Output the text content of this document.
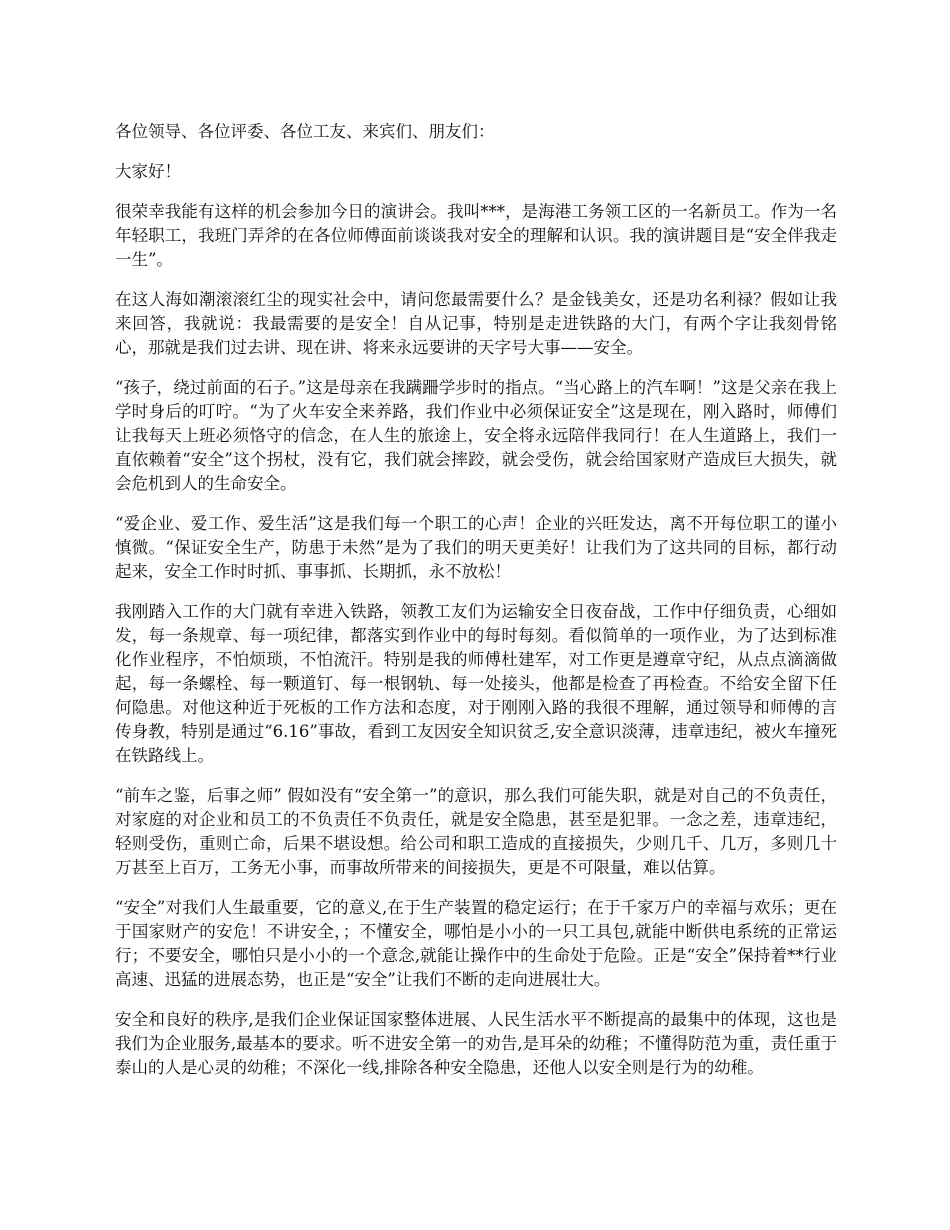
各位领导、各位评委、各位工友、来宾们、朋友们：

大家好！

很荣幸我能有这样的机会参加今日的演讲会。我叫***，是海港工务领工区的一名新员工。作为一名年轻职工，我班门弄斧的在各位师傅面前谈谈我对安全的理解和认识。我的演讲题目是“安全伴我走一生”。

在这人海如潮滚滚红尘的现实社会中，请问您最需要什么？是金钱美女，还是功名利禄？假如让我来回答，我就说：我最需要的是安全！自从记事，特别是走进铁路的大门，有两个字让我刻骨铭心，那就是我们过去讲、现在讲、将来永远要讲的天字号大事——安全。

“孩子，绕过前面的石子。”这是母亲在我蹒跚学步时的指点。“当心路上的汽车啊！”这是父亲在我上学时身后的叮咛。“为了火车安全来养路，我们作业中必须保证安全”这是现在，刚入路时，师傅们让我每天上班必须恪守的信念，在人生的旅途上，安全将永远陪伴我同行！在人生道路上，我们一直依赖着“安全”这个拐杖，没有它，我们就会摔跤，就会受伤，就会给国家财产造成巨大损失，就会危机到人的生命安全。

“爱企业、爱工作、爱生活”这是我们每一个职工的心声！企业的兴旺发达，离不开每位职工的谨小慎微。“保证安全生产，防患于未然”是为了我们的明天更美好！让我们为了这共同的目标，都行动起来，安全工作时时抓、事事抓、长期抓，永不放松！

我刚踏入工作的大门就有幸进入铁路，领教工友们为运输安全日夜奋战，工作中仔细负责，心细如发，每一条规章、每一项纪律，都落实到作业中的每时每刻。看似简单的一项作业，为了达到标准化作业程序，不怕烦琐，不怕流汗。特别是我的师傅杜建军，对工作更是遵章守纪，从点点滴滴做起，每一条螺栓、每一颗道钉、每一根钢轨、每一处接头，他都是检查了再检查。不给安全留下任何隐患。对他这种近于死板的工作方法和态度，对于刚刚入路的我很不理解，通过领导和师傅的言传身教，特别是通过“6.16”事故，看到工友因安全知识贫乏,安全意识淡薄，违章违纪，被火车撞死在铁路线上。

“前车之鉴，后事之师” 假如没有“安全第一”的意识，那么我们可能失职，就是对自己的不负责任，对家庭的对企业和员工的不负责任不负责任，就是安全隐患，甚至是犯罪。一念之差，违章违纪，轻则受伤，重则亡命，后果不堪设想。给公司和职工造成的直接损失，少则几千、几万，多则几十万甚至上百万，工务无小事，而事故所带来的间接损失，更是不可限量，难以估算。

“安全”对我们人生最重要，它的意义,在于生产装置的稳定运行；在于千家万户的幸福与欢乐；更在于国家财产的安危！不讲安全，；不懂安全，哪怕是小小的一只工具包,就能中断供电系统的正常运行；不要安全，哪怕只是小小的一个意念,就能让操作中的生命处于危险。正是“安全”保持着**行业高速、迅猛的进展态势，也正是“安全”让我们不断的走向进展壮大。

安全和良好的秩序,是我们企业保证国家整体进展、人民生活水平不断提高的最集中的体现，这也是我们为企业服务,最基本的要求。听不进安全第一的劝告,是耳朵的幼稚；不懂得防范为重，责任重于泰山的人是心灵的幼稚；不深化一线,排除各种安全隐患，还他人以安全则是行为的幼稚。
